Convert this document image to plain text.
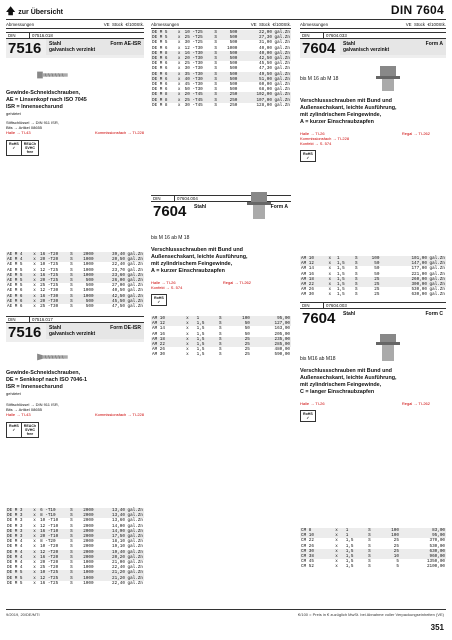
🡅 zur Übersicht	DIN 7604
Abmessungen	VE Stück €/100Stk.
DIN	07516.018
7516	Stahl	Form AE-ISR
galvanisch verzinkt
Gewinde-Schneidschrauben,
AE = Linsenkopf nach ISO 7045
ISR = Innensechsrund
gehärtet
Stiftschlüssel → DIN 911 ISR,
Bits → Artikel 08655
Halle → TI-43	Kommissionsfach → TI-228
RoHS
✓
REACh
SVHC
free
AE M 4	x	16 -T20	S	2000	39,40 gal.Zn
AE M 4	x	20 -T20	S	1000	20,50 gal.Zn
AE M 5	x	10 -T25	S	1000	22,40 gal.Zn
AE M 5	x	12 -T25	S	1000	23,70 gal.Zn
AE M 5	x	16 -T25	S	1000	23,60 gal.Zn
AE M 5	x	20 -T25	S	500	26,00 gal.Zn
AE M 5	x	25 -T25	S	500	27,00 gal.Zn
AE M 6	x	12 -T30	S	1000	40,50 gal.Zn
AE M 6	x	16 -T30	S	1000	42,50 gal.Zn
AE M 6	x	20 -T30	S	500	45,50 gal.Zn
AE M 6	x	25 -T30	S	500	47,50 gal.Zn
DIN	07516.017
7516	Stahl	Form DE-ISR
galvanisch verzinkt
Gewinde-Schneidschrauben,
DE = Senkkopf nach ISO 7046-1
ISR = Innensechsrund
gehärtet
Stiftschlüssel → DIN 911 ISR,
Bits → Artikel 08655
Halle → TI-43	Kommissionsfach → TI-228
RoHS
✓
REACh
SVHC
free
DE M 3	x	6 -T10	S	2000	13,40 gal.Zn
DE M 3	x	8 -T10	S	2000	13,40 gal.Zn
DE M 3	x	10 -T10	S	2000	13,60 gal.Zn
DE M 3	x	12 -T10	S	2000	14,00 gal.Zn
DE M 3	x	16 -T10	S	2000	14,90 gal.Zn
DE M 3	x	20 -T10	S	2000	17,50 gal.Zn
DE M 4	x	8 -T20	S	2000	18,10 gal.Zn
DE M 4	x	10 -T20	S	2000	19,10 gal.Zn
DE M 4	x	12 -T20	S	2000	19,40 gal.Zn
DE M 4	x	16 -T20	S	2000	20,20 gal.Zn
DE M 4	x	20 -T20	S	1000	21,00 gal.Zn
DE M 4	x	25 -T20	S	1000	22,40 gal.Zn
DE M 5	x	10 -T25	S	1000	21,20 gal.Zn
DE M 5	x	12 -T25	S	1000	21,20 gal.Zn
DE M 5	x	16 -T25	S	1000	22,40 gal.Zn
Abmessungen	VE Stück €/100Stk.
DE M 5	x	10 -T25	S	500	22,00 gal.Zn
DE M 5	x	25 -T25	S	500	27,30 gal.Zn
DE M 5	x	30 -T25	S	500	31,00 gal.Zn
DE M 6	x	12 -T30	S	1000	40,00 gal.Zn
DE M 8	x	16 -T30	S	500	40,00 gal.Zn
DE M 6	x	20 -T30	S	500	42,50 gal.Zn
DE M 6	x	25 -T30	S	500	45,50 gal.Zn
DE M 6	x	30 -T30	S	500	47,30 gal.Zn
DE M 6	x	35 -T30	S	500	49,50 gal.Zn
DE M 6	x	40 -T30	S	500	51,00 gal.Zn
DE M 6	x	45 -T30	S	500	60,00 gal.Zn
DE M 6	x	50 -T30	S	500	68,00 gal.Zn
DE M 8	x	20 -T45	S	250	102,00 gal.Zn
DE M 8	x	25 -T45	S	250	107,00 gal.Zn
DE M 8	x	30 -T45	S	250	128,00 gal.Zn
DIN	07604.004
7604	Stahl	Form A
bis M 16 ab M 18
Verschlussschrauben mit Bund und
Außensechskant, leichte Ausführung,
mit zylindrischem Feingewinde,
A = kurzer Einschraubzapfen
Halle → TI-26	Regal → TI-262
Konfekt → S. 574
RoHS
✓
AM 10	x	1	S	100	95,00
AM 12	x	1,5	S	50	127,00
AM 14	x	1,5	S	50	163,00
AM 16	x	1,5	S	50	205,00
AM 18	x	1,5	S	25	235,00
AM 22	x	1,5	S	25	285,00
AM 26	x	1,5	S	25	480,00
AM 30	x	1,5	S	25	590,00
Abmessungen	VE Stück €/100Stk.
DIN	07604.033
7604	Stahl	Form A
galvanisch verzinkt
bis M 16 ab M 18
Verschlussschrauben mit Bund und
Außensechskant, leichte Ausführung,
mit zylindrischem Feingewinde,
A = kurzer Einschraubzapfen
Halle → TI-26	Regal → TI-262
Kommissionsfach → TI-228
Konfekt → S. 574
RoHS
✓
AM 10	x	1	S	100	101,00 gal.Zn
AM 12	x	1,5	S	50	147,00 gal.Zn
AM 14	x	1,5	S	50	177,00 gal.Zn
AM 16	x	1,5	S	50	221,00 gal.Zn
AM 18	x	1,5	S	25	260,00 gal.Zn
AM 22	x	1,5	S	25	300,00 gal.Zn
AM 26	x	1,5	S	25	530,00 gal.Zn
AM 30	x	1,5	S	25	630,00 gal.Zn
DIN	07604.003
7604	Stahl	Form C
bis M16 ab M18
Verschlussschrauben mit Bund und
Außensechskant, leichte Ausführung,
mit zylindrischem Feingewinde,
C = langer Einschraubzapfen
Halle → TI-26	Regal → TI-262
RoHS
✓
CM 8	x	1	S	100	83,00
CM 10	x	1	S	100	95,00
CM 22	x	1,5	S	25	370,00
CM 26	x	1,5	S	25	530,00
CM 30	x	1,5	S	25	630,00
CM 38	x	1,5	S	10	960,00
CM 45	x	1,5	S	5	1350,00
CM 52	x	1,5	S	5	2100,00
9/2019, 20/DE/MTI	€/100 = Preis in € zuzüglich MwSt. bei Abnahme voller Verpackungseinheiten (VE)
351
